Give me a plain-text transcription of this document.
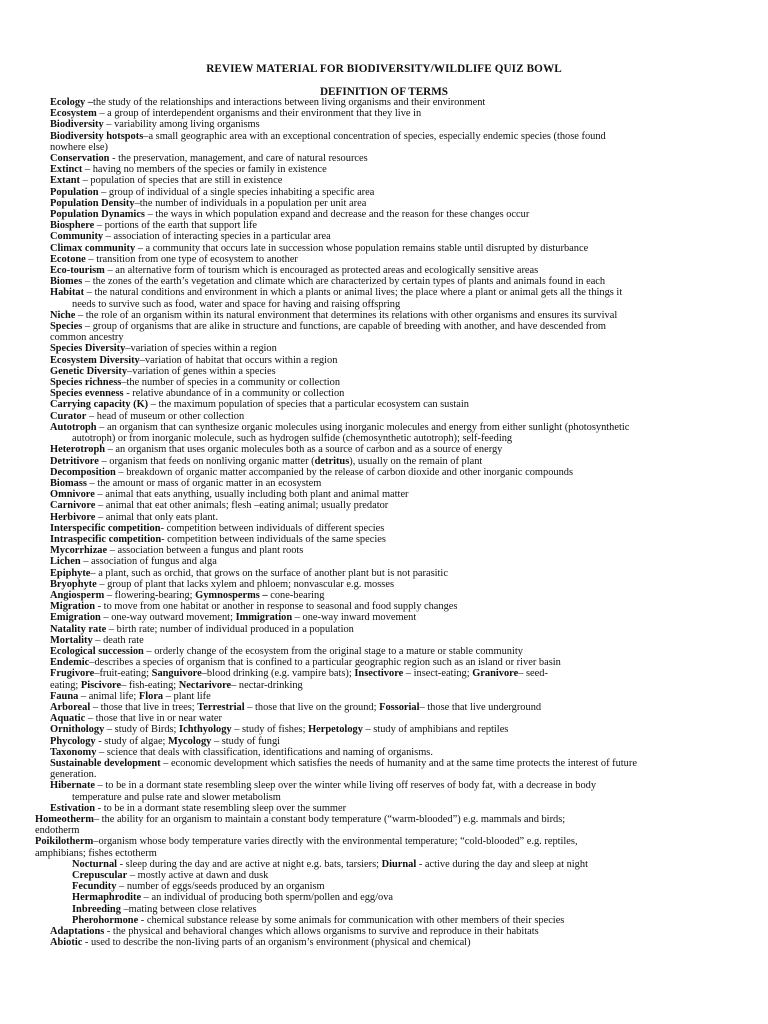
REVIEW MATERIAL FOR BIODIVERSITY/WILDLIFE QUIZ BOWL
DEFINITION OF TERMS
Ecology –the study of the relationships and interactions between living organisms and their environment
Ecosystem – a group of interdependent organisms and their environment that they live in
Biodiversity – variability among living organisms
Biodiversity hotspots–a small geographic area with an exceptional concentration of species, especially endemic species (those found
nowhere else)
Conservation - the preservation, management, and care of natural resources
Extinct – having no members of the species or family in existence
Extant – population of species that are still in existence
Population – group of individual of a single species inhabiting a specific area
Population Density–the number of individuals in a population per unit area
Population Dynamics – the ways in which population expand and decrease and the reason for these changes occur
Biosphere – portions of the earth that support life
Community – association of interacting species in a particular area
Climax community – a community that occurs late in succession whose population remains stable until disrupted by disturbance
Ecotone – transition from one type of ecosystem to another
Eco-tourism – an alternative form of tourism which is encouraged as protected areas and ecologically sensitive areas
Biomes – the zones of the earth’s vegetation and climate which are characterized by certain types of plants and animals found in each
Habitat – the natural conditions and environment in which a plants or animal lives; the place where a plant or animal gets all the things it
needs to survive such as food, water and space for having and raising offspring
Niche – the role of an organism within its natural environment that determines its relations with other organisms and ensures its survival
Species – group of organisms that are alike in structure and functions, are capable of breeding with another, and have descended from
common ancestry
Species Diversity–variation of species within a region
Ecosystem Diversity–variation of habitat that occurs within a region
Genetic Diversity–variation of genes within a species
Species richness–the number of species in a community or collection
Species evenness - relative abundance of in a community or collection
Carrying capacity (K) – the maximum population of species that a particular ecosystem can sustain
Curator – head of museum or other collection
Autotroph – an organism that can synthesize organic molecules using inorganic molecules and energy from either sunlight (photosynthetic
autotroph) or from inorganic molecule, such as hydrogen sulfide (chemosynthetic autotroph); self-feeding
Heterotroph – an organism that uses organic molecules both as a source of carbon and as a source of energy
Detritivore – organism that feeds on nonliving organic matter (detritus), usually on the remain of plant
Decomposition – breakdown of organic matter accompanied by the release of carbon dioxide and other inorganic compounds
Biomass – the amount or mass of organic matter in an ecosystem
Omnivore – animal that eats anything, usually including both plant and animal matter
Carnivore – animal that eat other animals; flesh –eating animal; usually predator
Herbivore – animal that only eats plant.
Interspecific competition- competition between individuals of different species
Intraspecific competition- competition between individuals of the same species
Mycorrhizae – association between a fungus and plant roots
Lichen – association of fungus and alga
Epiphyte– a plant, such as orchid, that grows on the surface of another plant but is not parasitic
Bryophyte – group of plant that lacks xylem and phloem; nonvascular e.g. mosses
Angiosperm – flowering-bearing; Gymnosperms – cone-bearing
Migration - to move from one habitat or another in response to seasonal and food supply changes
Emigration – one-way outward movement; Immigration – one-way inward movement
Natality rate – birth rate; number of individual produced in a population
Mortality – death rate
Ecological succession – orderly change of the ecosystem from the original stage to a mature or stable community
Endemic–describes a species of organism that is confined to a particular geographic region such as an island or river basin
Frugivore–fruit-eating; Sanguivore–blood drinking (e.g. vampire bats); Insectivore – insect-eating; Granivore– seed-
eating; Piscivore– fish-eating; Nectarivore– nectar-drinking
Fauna – animal life; Flora – plant life
Arboreal – those that live in trees; Terrestrial – those that live on the ground; Fossorial– those that live underground
Aquatic – those that live in or near water
Ornithology – study of Birds; Ichthyology – study of fishes; Herpetology – study of amphibians and reptiles
Phycology - study of algae; Mycology – study of fungi
Taxonomy – science that deals with classification, identifications and naming of organisms.
Sustainable development – economic development which satisfies the needs of humanity and at the same time protects the interest of future
generation.
Hibernate – to be in a dormant state resembling sleep over the winter while living off reserves of body fat, with a decrease in body
temperature and pulse rate and slower metabolism
Estivation - to be in a dormant state resembling sleep over the summer
Homeotherm– the ability for an organism to maintain a constant body temperature (“warm-blooded”) e.g. mammals and birds;
endotherm
Poikilotherm–organism whose body temperature varies directly with the environmental temperature; “cold-blooded” e.g. reptiles,
amphibians; fishes ectotherm
Nocturnal - sleep during the day and are active at night e.g. bats, tarsiers; Diurnal - active during the day and sleep at night
Crepuscular – mostly active at dawn and dusk
Fecundity – number of eggs/seeds produced by an organism
Hermaphrodite – an individual of producing both sperm/pollen and egg/ova
Inbreeding –mating between close relatives
Pherohormone - chemical substance release by some animals for communication with other members of their species
Adaptations - the physical and behavioral changes which allows organisms to survive and reproduce in their habitats
Abiotic - used to describe the non-living parts of an organism’s environment (physical and chemical)
